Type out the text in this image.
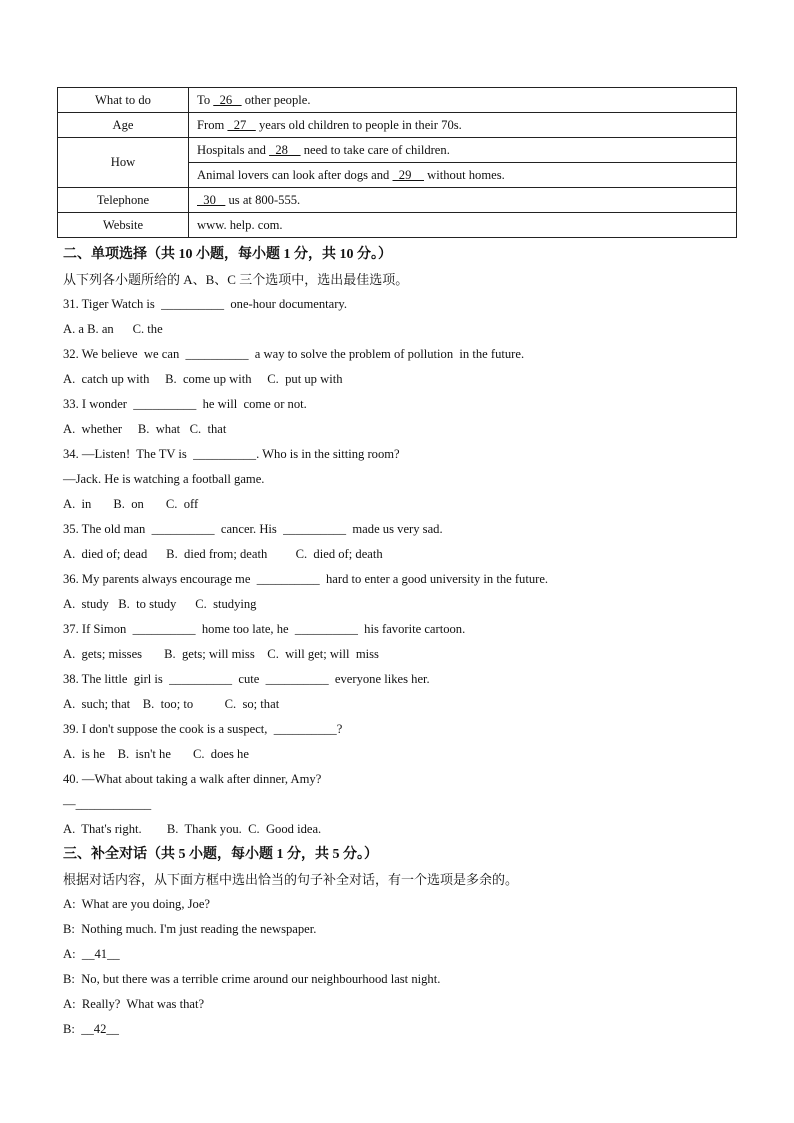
What to do	To   26    other people.
Age	From   27    years old children to people in their 70s.
How	Hospitals and   28     need to take care of children.
	Animal lovers can look after dogs and   29     without homes.
Telephone	30    us at 800-555.
Website	www. help. com.
二、单项选择（共 10 小题，每小题 1 分，共 10 分。）
从下列各小题所给的 A、B、C 三个选项中，选出最佳选项。
31. Tiger Watch is  __________  one-hour documentary.
A. a B. an      C. the
32. We believe  we can  __________  a way to solve the problem of pollution  in the future.
A.  catch up with     B.  come up with     C.  put up with
33. I wonder  __________  he will  come or not.
A.  whether     B.  what   C.  that
34. —Listen!  The TV is  __________. Who is in the sitting room?
—Jack. He is watching a football game.
A.  in       B.  on       C.  off
35. The old man  __________  cancer. His  __________  made us very sad.
A.  died of; dead      B.  died from; death         C.  died of; death
36. My parents always encourage me  __________  hard to enter a good university in the future.
A.  study   B.  to study      C.  studying
37. If Simon  __________  home too late, he  __________  his favorite cartoon.
A.  gets; misses       B.  gets; will miss    C.  will get; will  miss
38. The little  girl is  __________  cute  __________  everyone likes her.
A.  such; that    B.  too; to          C.  so; that
39. I don't suppose the cook is a suspect,  __________?
A.  is he    B.  isn't he       C.  does he
40. —What about taking a walk after dinner, Amy?
—____________
A.  That's right.        B.  Thank you.  C.  Good idea.
三、补全对话（共 5 小题，每小题 1 分，共 5 分。）
根据对话内容，从下面方框中选出恰当的句子补全对话，有一个选项是多余的。
A:  What are you doing, Joe?
B:  Nothing much. I'm just reading the newspaper.
A:  __41__
B:  No, but there was a terrible crime around our neighbourhood last night.
A:  Really?  What was that?
B:  __42__
